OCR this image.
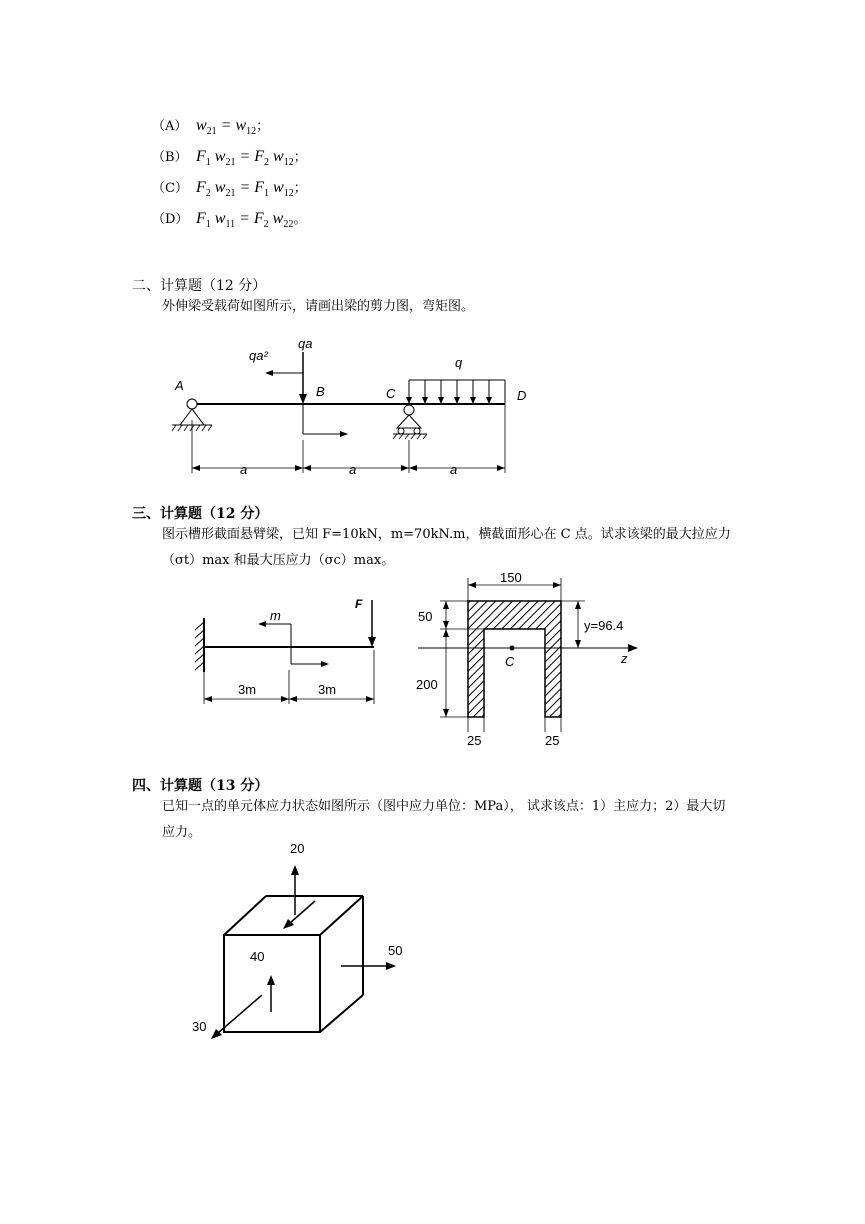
（A） $w_{21} = w_{12}$；
（B） $F_1$ $w_{21} = F_2$ $w_{12}$；
（C） $F_2$ $w_{21} = F_1$ $w_{12}$；
（D） $F_1$ $w_{11} = F_2$ $w_{22}$。
二、计算题（12 分）
外伸梁受载荷如图所示，请画出梁的剪力图，弯矩图。
qa
qa²	q
A	B	C	D
a	a	a
三、计算题（12 分）
图示槽形截面悬臂梁，已知 F=10kN，m=70kN.m，横截面形心在 C 点。试求该梁的最大拉应力（σt）max 和最大压应力（σc）max。
F
m
3m	3m
150
50
200
y=96.4
C	z
25	25
四、计算题（13 分）
已知一点的单元体应力状态如图所示（图中应力单位：MPa）， 试求该点：1）主应力；2）最大切应力。
20
50
40
30
